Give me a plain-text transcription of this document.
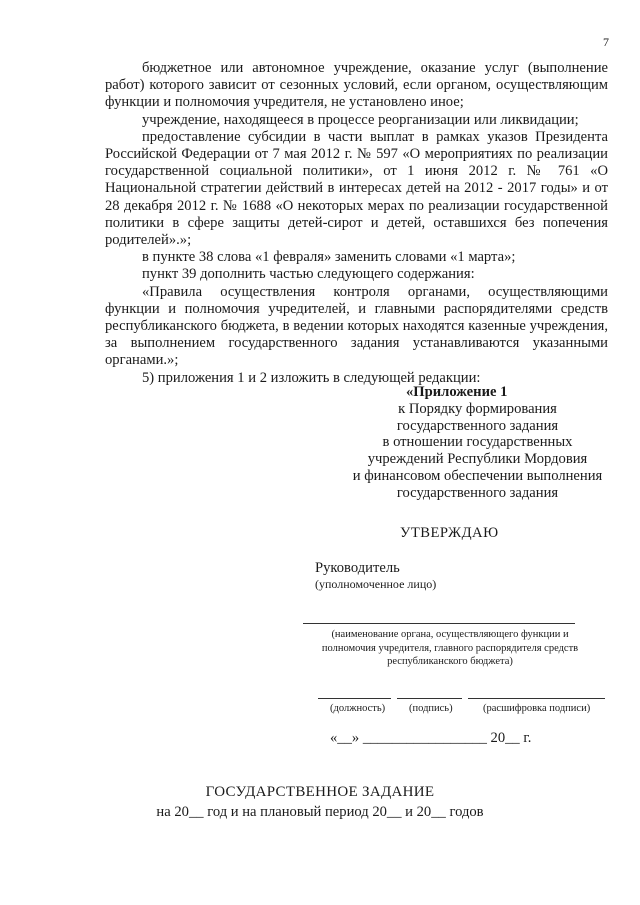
7

бюджетное или автономное учреждение, оказание услуг (выполнение работ) которого зависит от сезонных условий, если органом, осуществляющим функции и полномочия учредителя, не установлено иное;

учреждение, находящееся в процессе реорганизации или ликвидации;

предоставление субсидии в части выплат в рамках указов Президента Российской Федерации от 7 мая 2012 г. № 597 «О мероприятиях по реализации государственной социальной политики», от 1 июня 2012 г. № 761 «О Национальной стратегии действий в интересах детей на 2012 - 2017 годы» и от 28 декабря 2012 г. № 1688 «О некоторых мерах по реализации государственной политики в сфере защиты детей-сирот и детей, оставшихся без попечения родителей».»;

в пункте 38 слова «1 февраля» заменить словами «1 марта»;

пункт 39 дополнить частью следующего содержания:

«Правила осуществления контроля органами, осуществляющими функции и полномочия учредителей, и главными распорядителями средств республиканского бюджета, в ведении которых находятся казенные учреждения, за выполнением государственного задания устанавливаются указанными органами.»;

5) приложения 1 и 2 изложить в следующей редакции:

«Приложение 1
к Порядку формирования
государственного задания
в отношении государственных
учреждений Республики Мордовия
и финансовом обеспечении выполнения
государственного задания
УТВЕРЖДАЮ
Руководитель
(уполномоченное лицо)
(наименование органа, осуществляющего функции и
полномочия учредителя, главного распорядителя средств
республиканского бюджета)
(должность) (подпись)	(расшифровка подписи)
«__» _________________ 20__ г.
ГОСУДАРСТВЕННОЕ ЗАДАНИЕ
на 20__ год и на плановый период 20__ и 20__ годов
